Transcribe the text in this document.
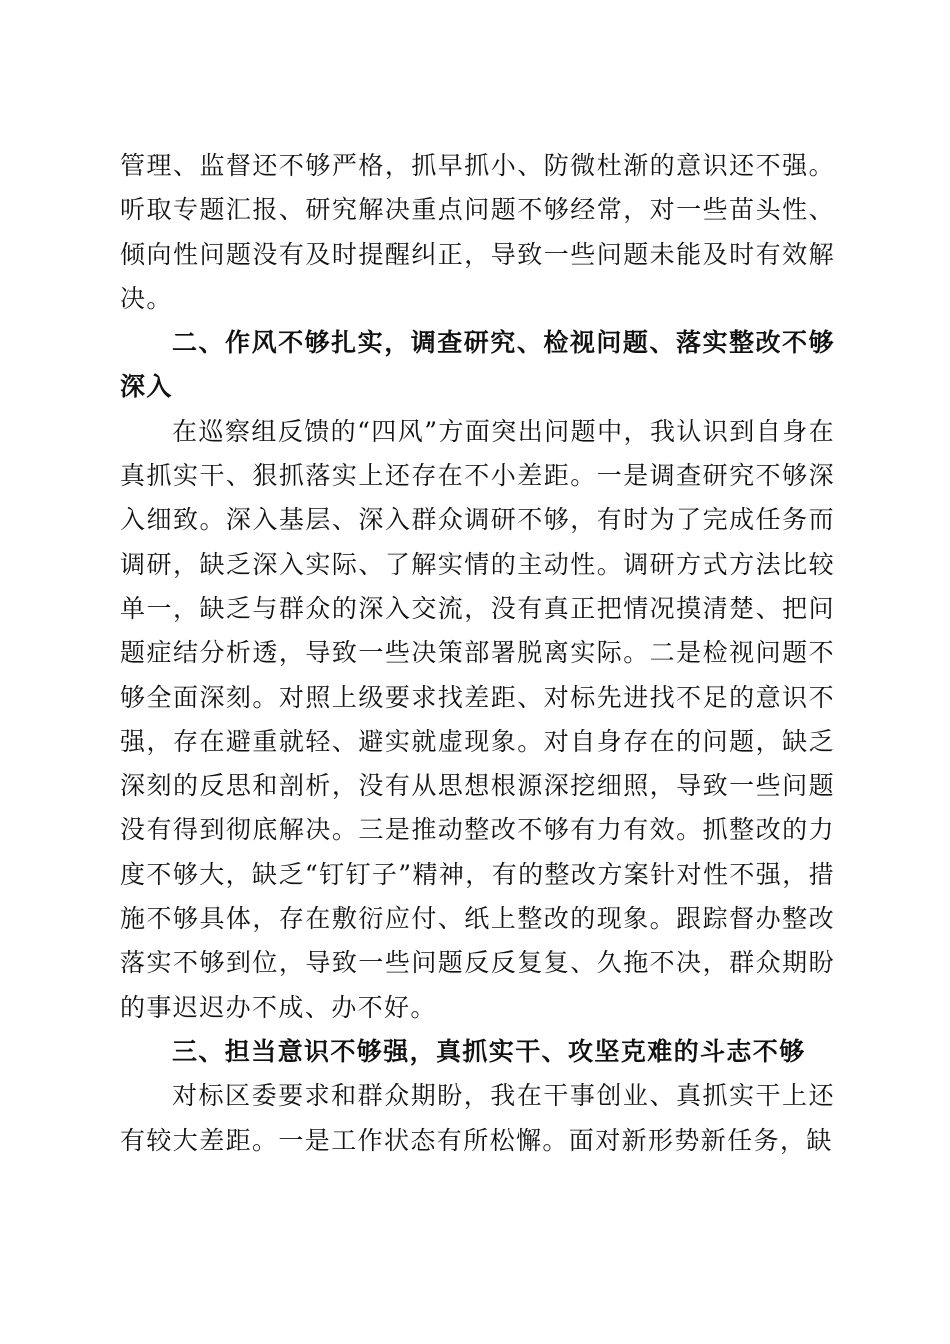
管理、监督还不够严格，抓早抓小、防微杜渐的意识还不强。听取专题汇报、研究解决重点问题不够经常，对一些苗头性、倾向性问题没有及时提醒纠正，导致一些问题未能及时有效解决。

二、作风不够扎实，调查研究、检视问题、落实整改不够深入

在巡察组反馈的“四风”方面突出问题中，我认识到自身在真抓实干、狠抓落实上还存在不小差距。一是调查研究不够深入细致。深入基层、深入群众调研不够，有时为了完成任务而调研，缺乏深入实际、了解实情的主动性。调研方式方法比较单一，缺乏与群众的深入交流，没有真正把情况摸清楚、把问题症结分析透，导致一些决策部署脱离实际。二是检视问题不够全面深刻。对照上级要求找差距、对标先进找不足的意识不强，存在避重就轻、避实就虚现象。对自身存在的问题，缺乏深刻的反思和剖析，没有从思想根源深挖细照，导致一些问题没有得到彻底解决。三是推动整改不够有力有效。抓整改的力度不够大，缺乏“钉钉子”精神，有的整改方案针对性不强，措施不够具体，存在敷衍应付、纸上整改的现象。跟踪督办整改落实不够到位，导致一些问题反反复复、久拖不决，群众期盼的事迟迟办不成、办不好。

三、担当意识不够强，真抓实干、攻坚克难的斗志不够

对标区委要求和群众期盼，我在干事创业、真抓实干上还有较大差距。一是工作状态有所松懈。面对新形势新任务，缺
